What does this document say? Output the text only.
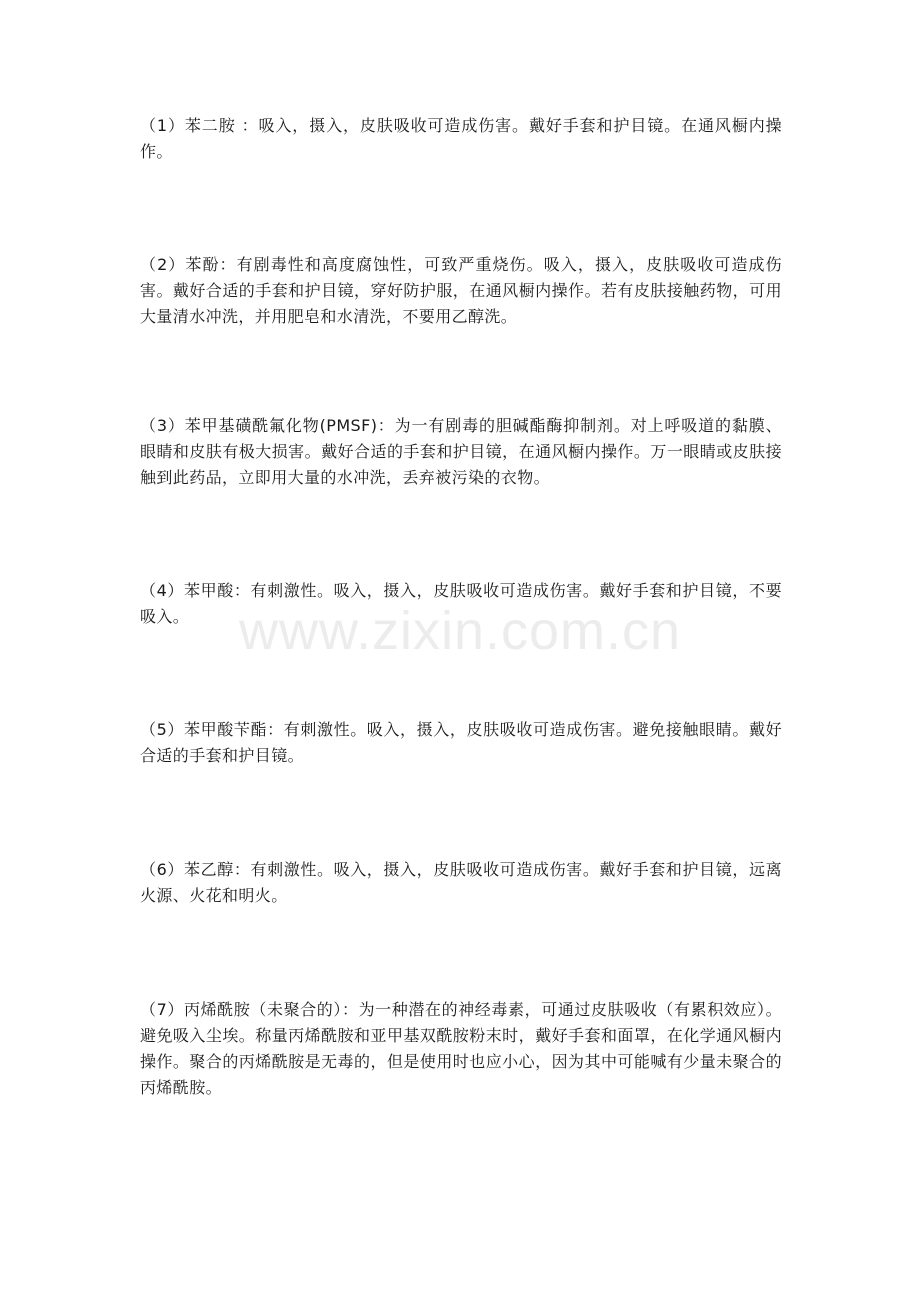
（1）苯二胺 ：吸入，摄入，皮肤吸收可造成伤害。戴好手套和护目镜。在通风橱内操作。

（2）苯酚：有剧毒性和高度腐蚀性，可致严重烧伤。吸入，摄入，皮肤吸收可造成伤害。戴好合适的手套和护目镜，穿好防护服，在通风橱内操作。若有皮肤接触药物，可用大量清水冲洗，并用肥皂和水清洗，不要用乙醇洗。

（3）苯甲基磺酰氟化物(PMSF)：为一有剧毒的胆碱酯酶抑制剂。对上呼吸道的黏膜、眼睛和皮肤有极大损害。戴好合适的手套和护目镜，在通风橱内操作。万一眼睛或皮肤接触到此药品，立即用大量的水冲洗，丢弃被污染的衣物。

（4）苯甲酸：有刺激性。吸入，摄入，皮肤吸收可造成伤害。戴好手套和护目镜，不要吸入。

（5）苯甲酸苄酯：有刺激性。吸入，摄入，皮肤吸收可造成伤害。避免接触眼睛。戴好合适的手套和护目镜。

（6）苯乙醇：有刺激性。吸入，摄入，皮肤吸收可造成伤害。戴好手套和护目镜，远离火源、火花和明火。

（7）丙烯酰胺（未聚合的）：为一种潜在的神经毒素，可通过皮肤吸收（有累积效应）。避免吸入尘埃。称量丙烯酰胺和亚甲基双酰胺粉末时，戴好手套和面罩，在化学通风橱内操作。聚合的丙烯酰胺是无毒的，但是使用时也应小心，因为其中可能喊有少量未聚合的丙烯酰胺。

www.zixin.com.cn
